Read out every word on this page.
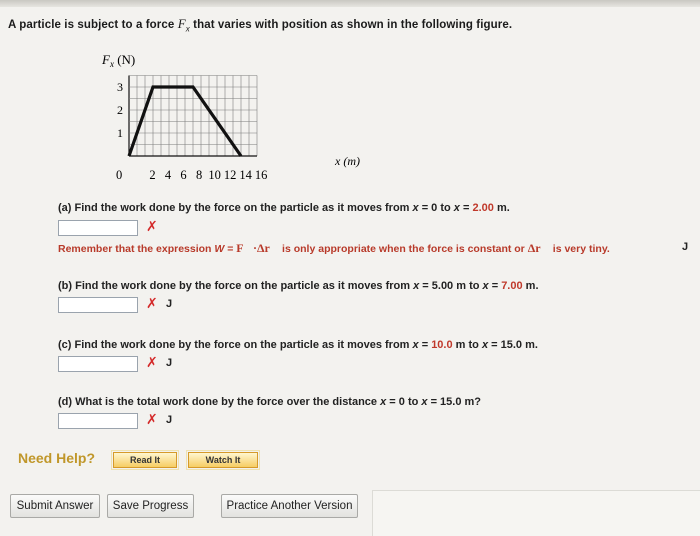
A particle is subject to a force $F_x$ that varies with position as shown in the following figure.
$F_x$ (N)
3
2
1
0 2 4 6 8 10 12 14 16
x (m)
(a) Find the work done by the force on the particle as it moves from x = 0 to x = 2.00 m.
✗
Remember that the expression W = F⃗·Δr⃗ is only appropriate when the force is constant or Δr⃗ is very tiny.	J
(b) Find the work done by the force on the particle as it moves from x = 5.00 m to x = 7.00 m.
✗ J
(c) Find the work done by the force on the particle as it moves from x = 10.0 m to x = 15.0 m.
✗ J
(d) What is the total work done by the force over the distance x = 0 to x = 15.0 m?
✗ J
Need Help?	Read It	Watch It
Submit Answer	Save Progress	Practice Another Version
